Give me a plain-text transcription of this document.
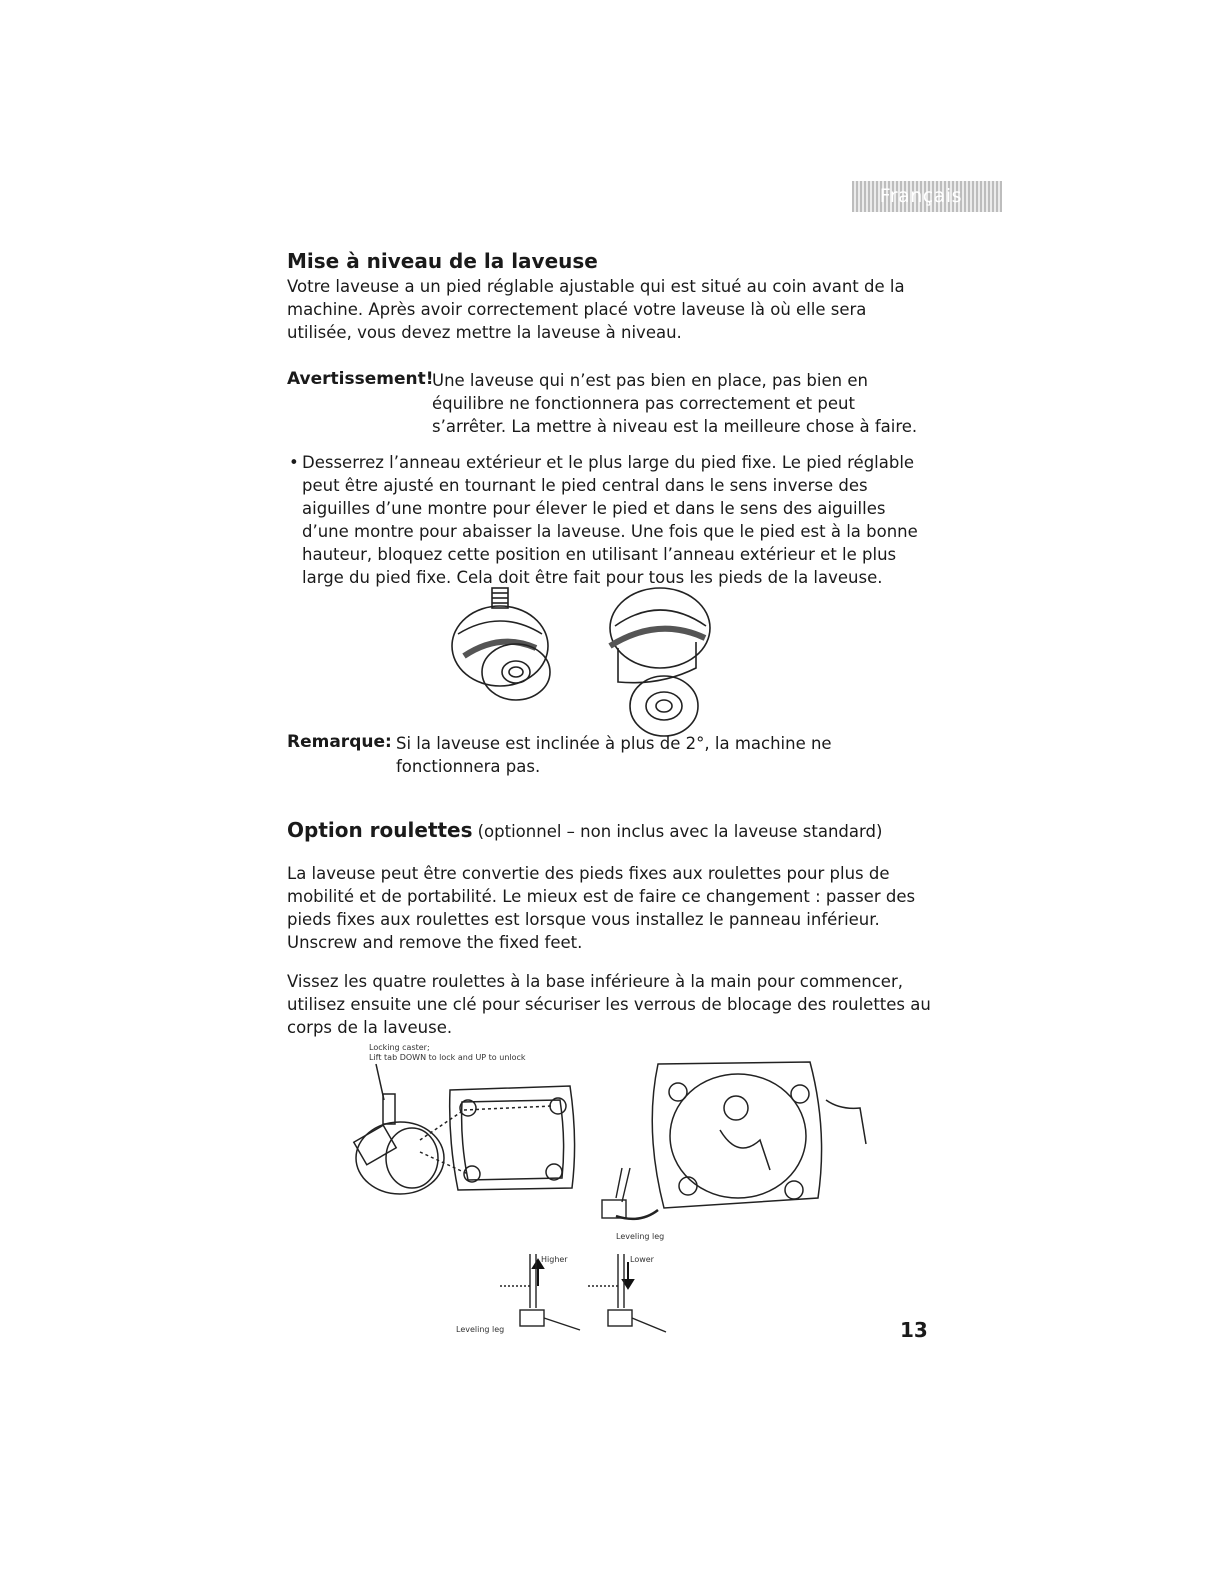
Français
Mise à niveau de la laveuse
Votre laveuse a un pied réglable ajustable qui est situé au coin avant de la machine. Après avoir correctement placé votre laveuse là où elle sera utilisée, vous devez mettre la laveuse à niveau.
Avertissement!
Une laveuse qui n’est pas bien en place, pas bien en équilibre ne fonctionnera pas correctement et peut s’arrêter. La mettre à niveau est la meilleure chose à faire.
• Desserrez l’anneau extérieur et le plus large du pied fixe. Le pied réglable peut être ajusté en tournant le pied central dans le sens inverse des aiguilles d’une montre pour élever le pied et dans le sens des aiguilles d’une montre pour abaisser la laveuse. Une fois que le pied est à la bonne hauteur, bloquez cette position en utilisant l’anneau extérieur et le plus large du pied fixe. Cela doit être fait pour tous les pieds de la laveuse.
Remarque: Si la laveuse est inclinée à plus de 2°, la machine ne fonctionnera pas.
Option roulettes (optionnel – non inclus avec la laveuse standard)
La laveuse peut être convertie des pieds fixes aux roulettes pour plus de mobilité et de portabilité. Le mieux est de faire ce changement : passer des pieds fixes aux roulettes est lorsque vous installez le panneau inférieur.
Unscrew and remove the fixed feet.
Vissez les quatre roulettes à la base inférieure à la main pour commencer, utilisez ensuite une clé pour sécuriser les verrous de blocage des roulettes au corps de la laveuse.
Locking caster;
Lift tab DOWN to lock and UP to unlock
Leveling leg
Higher	Lower
Leveling leg	13
